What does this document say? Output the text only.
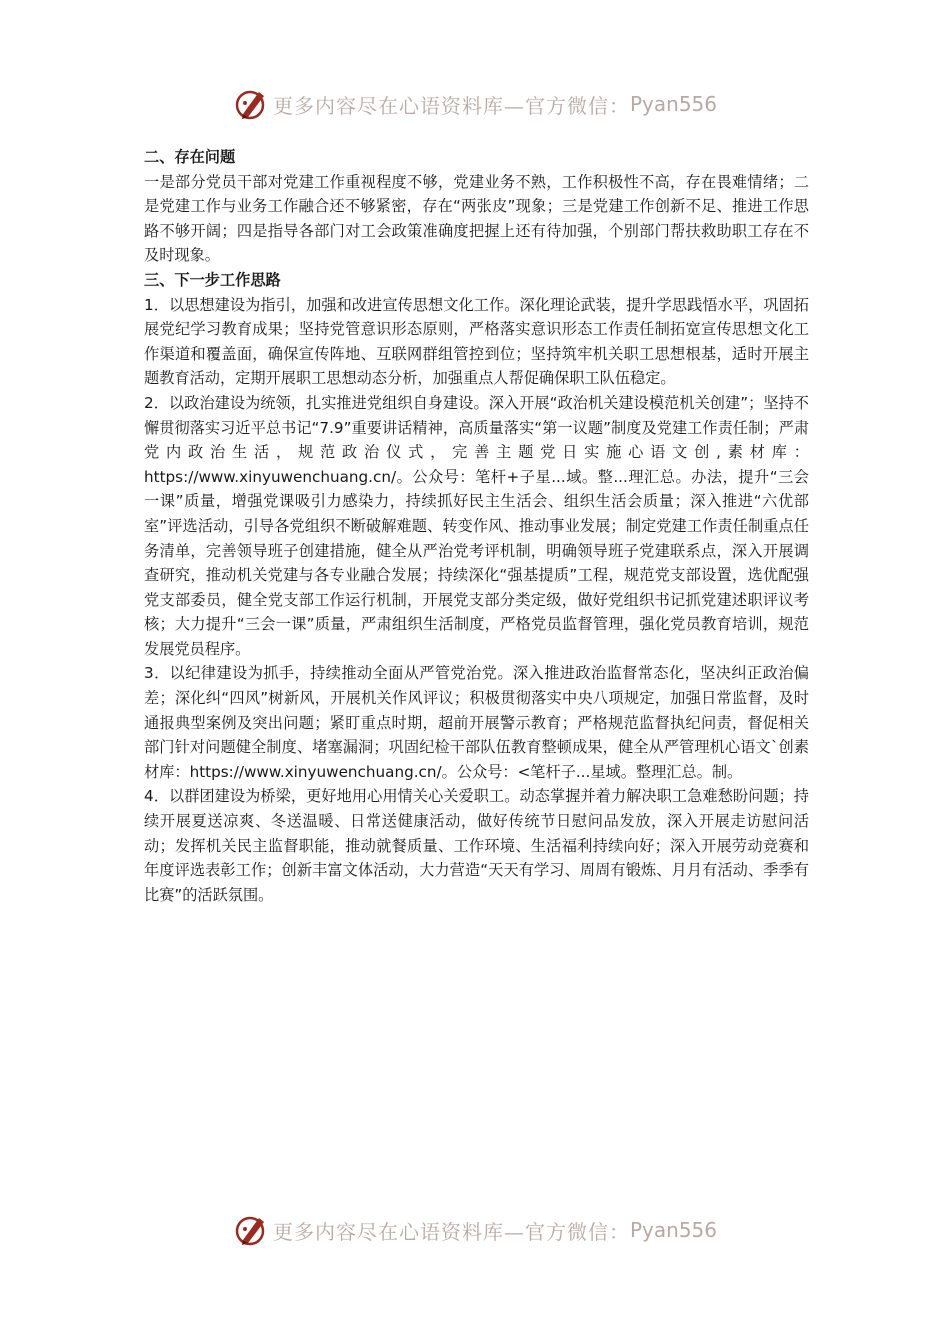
更多内容尽在心语资料库—官方微信： Pyan556
二、存在问题

一是部分党员干部对党建工作重视程度不够，党建业务不熟，工作积极性不高，存在畏难情绪；二是党建工作与业务工作融合还不够紧密，存在“两张皮”现象；三是党建工作创新不足、推进工作思路不够开阔；四是指导各部门对工会政策准确度把握上还有待加强，个别部门帮扶救助职工存在不及时现象。

三、下一步工作思路

1．以思想建设为指引，加强和改进宣传思想文化工作。深化理论武装，提升学思践悟水平，巩固拓展党纪学习教育成果；坚持党管意识形态原则，严格落实意识形态工作责任制拓宽宣传思想文化工作渠道和覆盖面，确保宣传阵地、互联网群组管控到位；坚持筑牢机关职工思想根基，适时开展主题教育活动，定期开展职工思想动态分析，加强重点人帮促确保职工队伍稳定。

2．以政治建设为统领，扎实推进党组织自身建设。深入开展“政治机关建设模范机关创建”；坚持不懈贯彻落实习近平总书记“7.9”重要讲话精神，高质量落实“第一议题”制度及党建工作责任制；严肃党内政治生活，规范政治仪式，完善主题党日实施心语文创,素材库：https://www.xinyuwenchuang.cn/。公众号：笔杆+子星...域。整...理汇总。办法，提升“三会一课”质量，增强党课吸引力感染力，持续抓好民主生活会、组织生活会质量；深入推进“六优部室”评选活动，引导各党组织不断破解难题、转变作风、推动事业发展；制定党建工作责任制重点任务清单，完善领导班子创建措施，健全从严治党考评机制，明确领导班子党建联系点，深入开展调查研究，推动机关党建与各专业融合发展；持续深化“强基提质”工程，规范党支部设置，选优配强党支部委员，健全党支部工作运行机制，开展党支部分类定级，做好党组织书记抓党建述职评议考核；大力提升“三会一课”质量，严肃组织生活制度，严格党员监督管理，强化党员教育培训，规范发展党员程序。

3．以纪律建设为抓手，持续推动全面从严管党治党。深入推进政治监督常态化，坚决纠正政治偏差；深化纠“四风”树新风，开展机关作风评议；积极贯彻落实中央八项规定，加强日常监督，及时通报典型案例及突出问题；紧盯重点时期，超前开展警示教育；严格规范监督执纪问责，督促相关部门针对问题健全制度、堵塞漏洞；巩固纪检干部队伍教育整顿成果，健全从严管理机心语文`创素材库：https://www.xinyuwenchuang.cn/。公众号：<笔杆子...星域。整理汇总。制。

4．以群团建设为桥梁，更好地用心用情关心关爱职工。动态掌握并着力解决职工急难愁盼问题；持续开展夏送凉爽、冬送温暖、日常送健康活动，做好传统节日慰问品发放，深入开展走访慰问活动；发挥机关民主监督职能，推动就餐质量、工作环境、生活福利持续向好；深入开展劳动竞赛和年度评选表彰工作；创新丰富文体活动，大力营造“天天有学习、周周有锻炼、月月有活动、季季有比赛”的活跃氛围。

更多内容尽在心语资料库—官方微信： Pyan556
